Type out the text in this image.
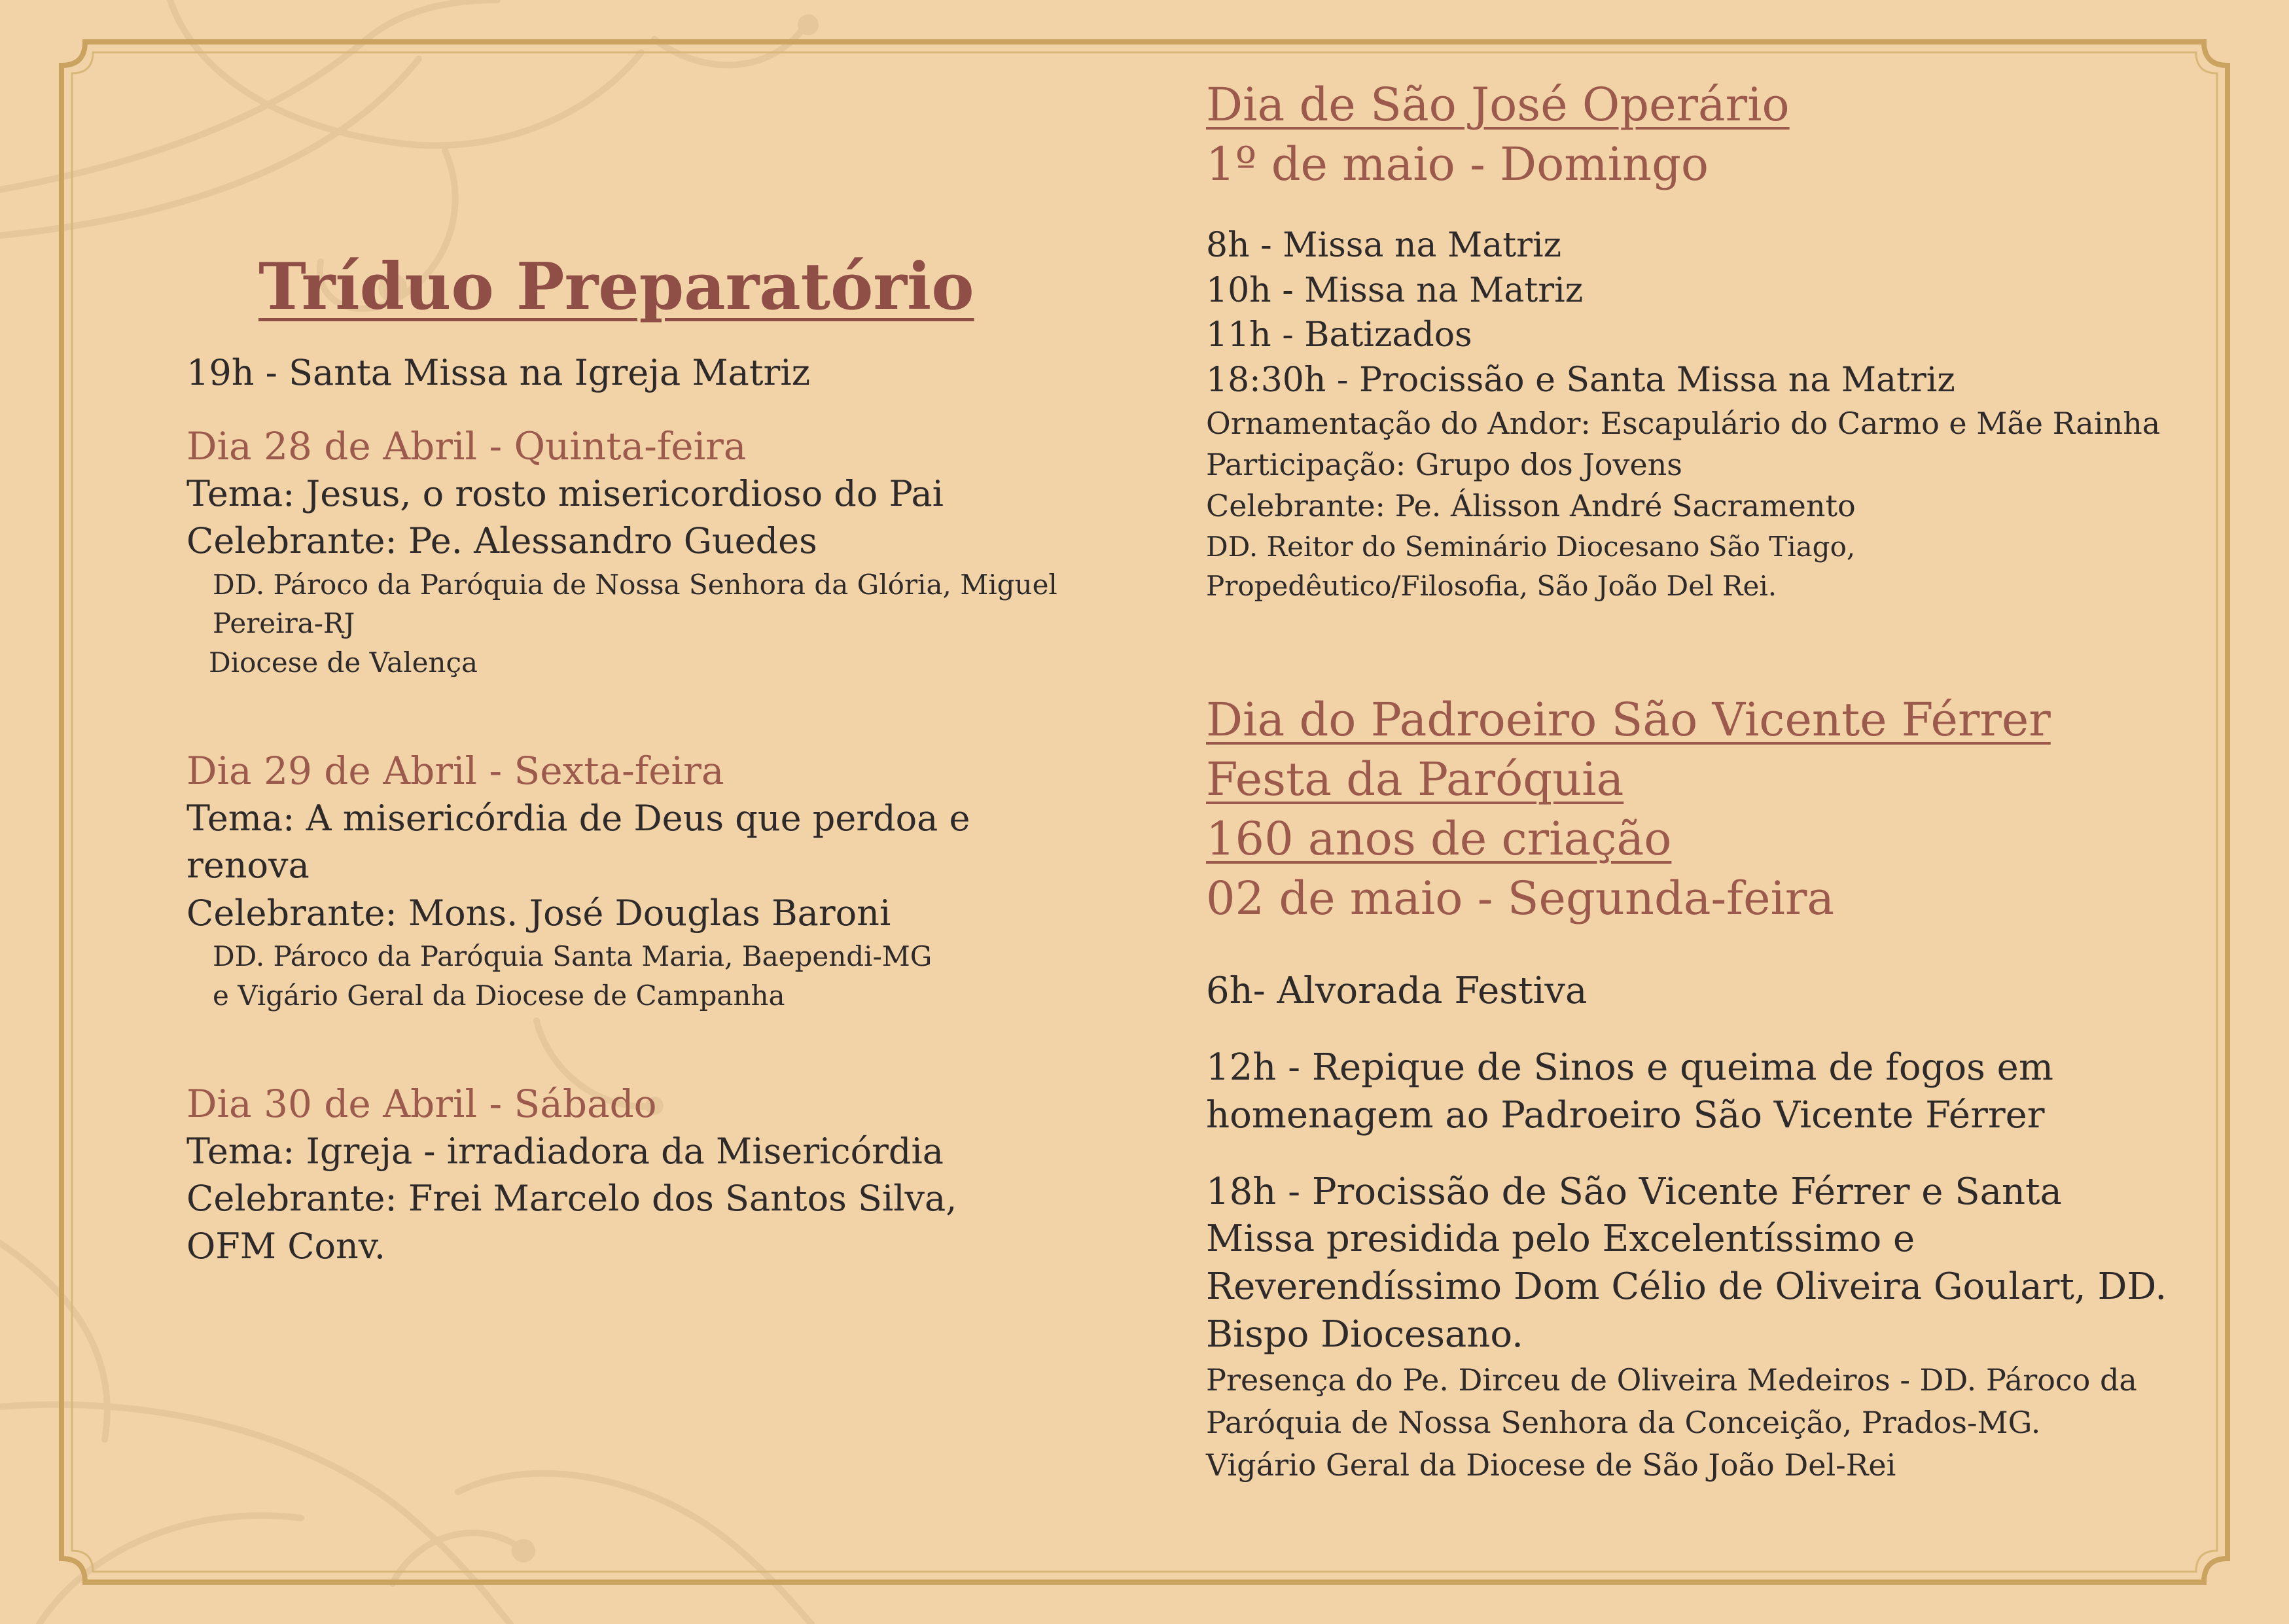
Tríduo Preparatório

19h - Santa Missa na Igreja Matriz

Dia 28 de Abril - Quinta-feira

Tema: Jesus, o rosto misericordioso do Pai

Celebrante: Pe. Alessandro Guedes

DD. Pároco da Paróquia de Nossa Senhora da Glória, Miguel Pereira-RJ

Diocese de Valença

Dia 29 de Abril - Sexta-feira

Tema: A misericórdia de Deus que perdoa e renova

Celebrante: Mons. José Douglas Baroni

DD. Pároco da Paróquia Santa Maria, Baependi-MG

e Vigário Geral da Diocese de Campanha

Dia 30 de Abril - Sábado

Tema: Igreja - irradiadora da Misericórdia

Celebrante: Frei Marcelo dos Santos Silva, OFM Conv.

Dia de São José Operário

1º de maio - Domingo

8h - Missa na Matriz

10h - Missa na Matriz

11h - Batizados

18:30h - Procissão e Santa Missa na Matriz

Ornamentação do Andor: Escapulário do Carmo e Mãe Rainha

Participação: Grupo dos Jovens

Celebrante: Pe. Álisson André Sacramento

DD. Reitor do Seminário Diocesano São Tiago,

Propedêutico/Filosofia, São João Del Rei.

Dia do Padroeiro São Vicente Férrer

Festa da Paróquia

160 anos de criação

02 de maio - Segunda-feira

6h- Alvorada Festiva

12h - Repique de Sinos e queima de fogos em homenagem ao Padroeiro São Vicente Férrer

18h - Procissão de São Vicente Férrer e Santa Missa presidida pelo Excelentíssimo e Reverendíssimo Dom Célio de Oliveira Goulart, DD. Bispo Diocesano.

Presença do Pe. Dirceu de Oliveira Medeiros - DD. Pároco da Paróquia de Nossa Senhora da Conceição, Prados-MG.

Vigário Geral da Diocese de São João Del-Rei
